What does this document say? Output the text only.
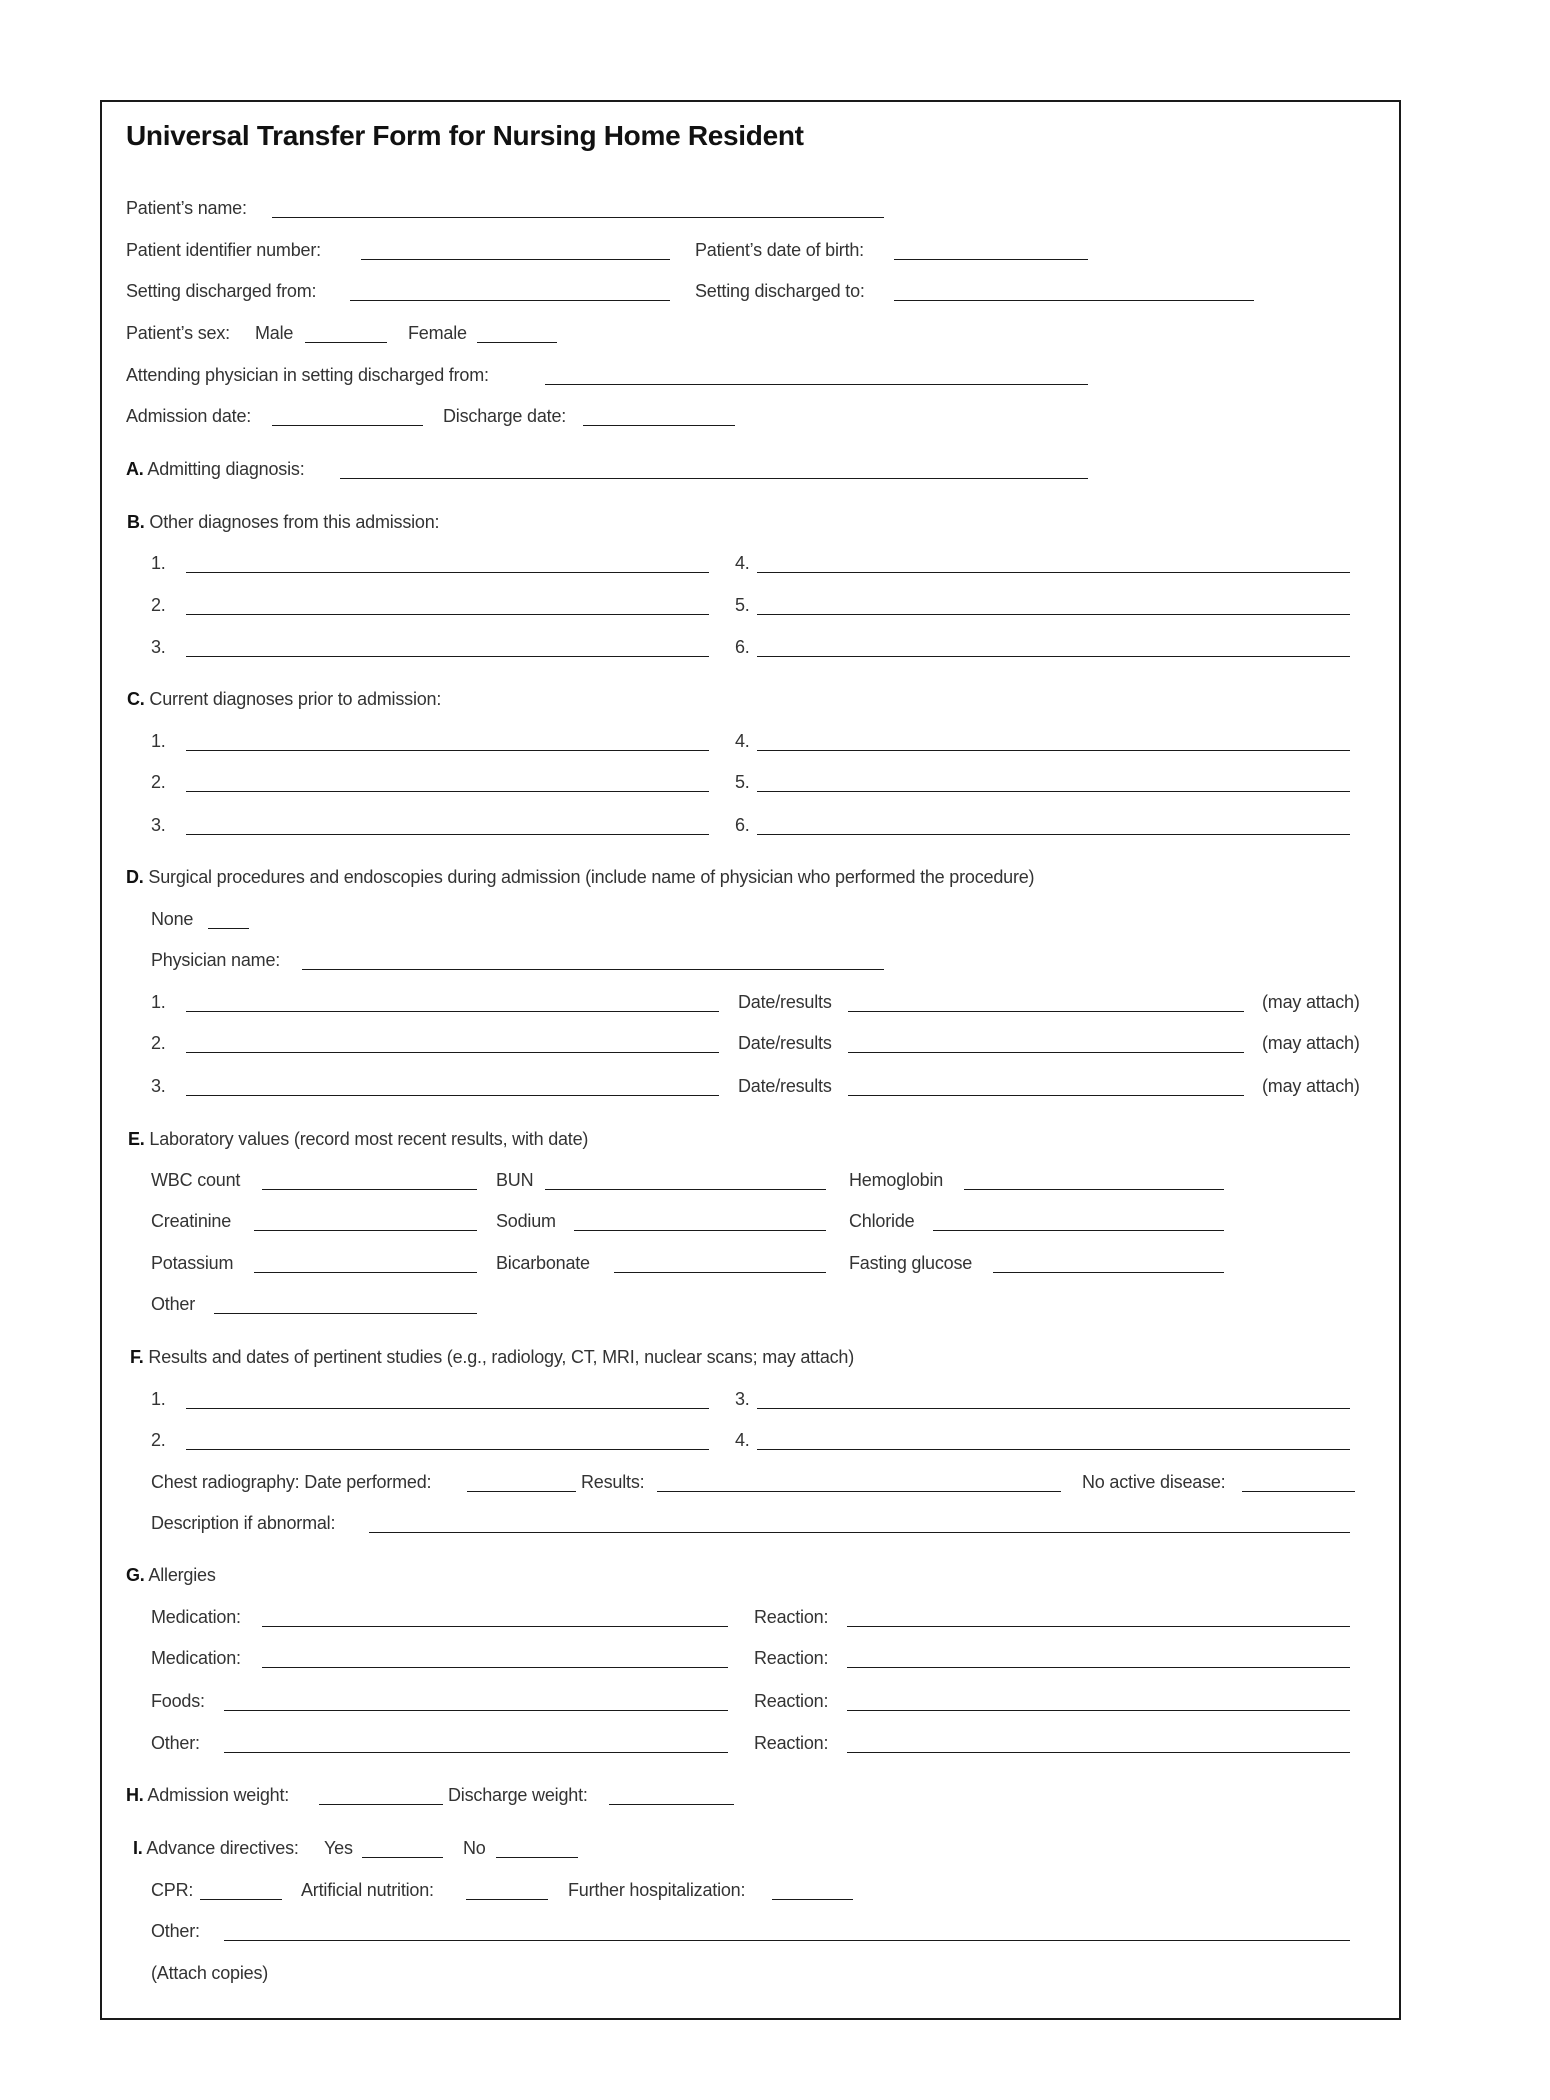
Universal Transfer Form for Nursing Home Resident
Patient’s name:
Patient identifier number:	Patient’s date of birth:
Setting discharged from:	Setting discharged to:
Patient’s sex: Male	Female
Attending physician in setting discharged from:
Admission date:	Discharge date:
A. Admitting diagnosis:
B. Other diagnoses from this admission:
1.	4.
2.	5.
3.	6.
C. Current diagnoses prior to admission:
1.	4.
2.	5.
3.	6.
D. Surgical procedures and endoscopies during admission (include name of physician who performed the procedure)
None
Physician name:
1.	Date/results	(may attach)
2.	Date/results	(may attach)
3.	Date/results	(may attach)
E. Laboratory values (record most recent results, with date)
WBC count	BUN	Hemoglobin
Creatinine	Sodium	Chloride
Potassium	Bicarbonate	Fasting glucose
Other
F. Results and dates of pertinent studies (e.g., radiology, CT, MRI, nuclear scans; may attach)
1.	3.
2.	4.
Chest radiography: Date performed:	Results:	No active disease:
Description if abnormal:
G. Allergies
Medication:	Reaction:
Medication:	Reaction:
Foods:	Reaction:
Other:	Reaction:
H. Admission weight:	Discharge weight:
I. Advance directives: Yes	No
CPR:	Artificial nutrition:	Further hospitalization:
Other:
(Attach copies)
